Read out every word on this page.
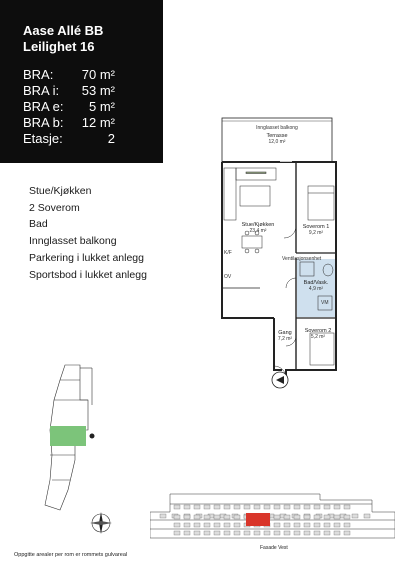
Aase Allé BB
Leilighet 16
BRA: 70 m²
BRA i: 53 m²
BRA e: 5 m²
BRA b: 12 m²
Etasje:	2
Stue/Kjøkken
2 Soverom
Bad
Innglasset balkong
Parkering i lukket anlegg
Sportsbod i lukket anlegg
Innglasset balkong
Terrasse
12,0 m²
Stue/Kjøkken
23,4 m²
Soverom 1
9,2 m²
Bad/Vask.
4,9 m²
Gang
7,2 m²
Soverom 2
5,2 m²
K/F
OV
VM
Ventilasjonsenhet
Fasade Vest
Oppgitte arealer per rom er rommets gulvareal
